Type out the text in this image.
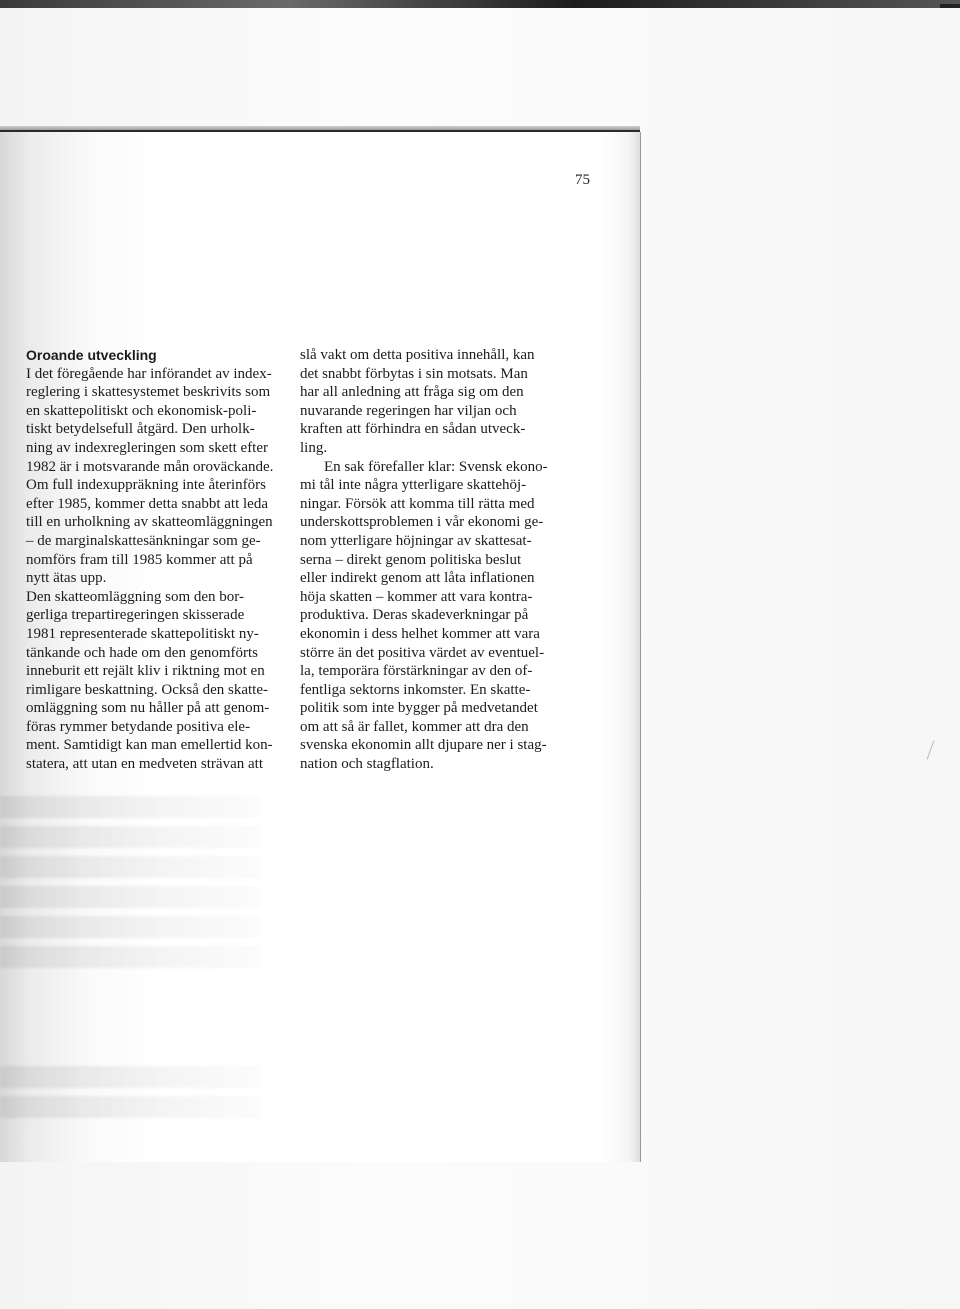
75
Oroande utveckling
I det föregående har införandet av index-
reglering i skattesystemet beskrivits som
en skattepolitiskt och ekonomisk-poli-
tiskt betydelsefull åtgärd. Den urholk-
ning av indexregleringen som skett efter
1982 är i motsvarande mån oroväckande.
Om full indexuppräkning inte återinförs
efter 1985, kommer detta snabbt att leda
till en urholkning av skatteomläggningen
– de marginalskattesänkningar som ge-
nomförs fram till 1985 kommer att på
nytt ätas upp.
Den skatteomläggning som den bor-
gerliga trepartiregeringen skisserade
1981 representerade skattepolitiskt ny-
tänkande och hade om den genomförts
inneburit ett rejält kliv i riktning mot en
rimligare beskattning. Också den skatte-
omläggning som nu håller på att genom-
föras rymmer betydande positiva ele-
ment. Samtidigt kan man emellertid kon-
statera, att utan en medveten strävan att
slå vakt om detta positiva innehåll, kan
det snabbt förbytas i sin motsats. Man
har all anledning att fråga sig om den
nuvarande regeringen har viljan och
kraften att förhindra en sådan utveck-
ling.
En sak förefaller klar: Svensk ekono-
mi tål inte några ytterligare skattehöj-
ningar. Försök att komma till rätta med
underskottsproblemen i vår ekonomi ge-
nom ytterligare höjningar av skattesat-
serna – direkt genom politiska beslut
eller indirekt genom att låta inflationen
höja skatten – kommer att vara kontra-
produktiva. Deras skadeverkningar på
ekonomin i dess helhet kommer att vara
större än det positiva värdet av eventuel-
la, temporära förstärkningar av den of-
fentliga sektorns inkomster. En skatte-
politik som inte bygger på medvetandet
om att så är fallet, kommer att dra den
svenska ekonomin allt djupare ner i stag-
nation och stagflation.
